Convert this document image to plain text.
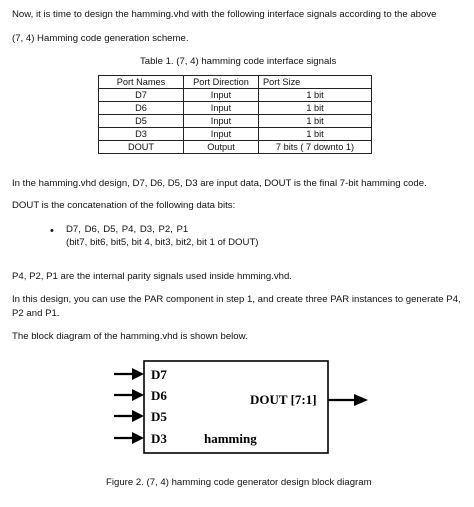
Now, it is time to design the hamming.vhd with the following interface signals according to the above
(7, 4) Hamming code generation scheme.
Table 1. (7, 4) hamming code interface signals
Port Names	Port Direction	Port Size
D7	Input	1 bit
D6	Input	1 bit
D5	Input	1 bit
D3	Input	1 bit
DOUT	Output	7 bits ( 7 downto 1)
In the hamming.vhd design, D7, D6, D5, D3 are input data, DOUT is the final 7-bit hamming code.
DOUT is the concatenation of the following data bits:
• D7, D6, D5, P4, D3, P2, P1
(bit7, bit6, bit5, bit 4, bit3, bit2, bit 1 of DOUT)
P4, P2, P1 are the internal parity signals used inside hmming.vhd.
In this design, you can use the PAR component in step 1, and create three PAR instances to generate P4,
P2 and P1.
The block diagram of the hamming.vhd is shown below.
D7
D6
D5
D3
DOUT [7:1]
hamming
Figure 2. (7, 4) hamming code generator design block diagram
